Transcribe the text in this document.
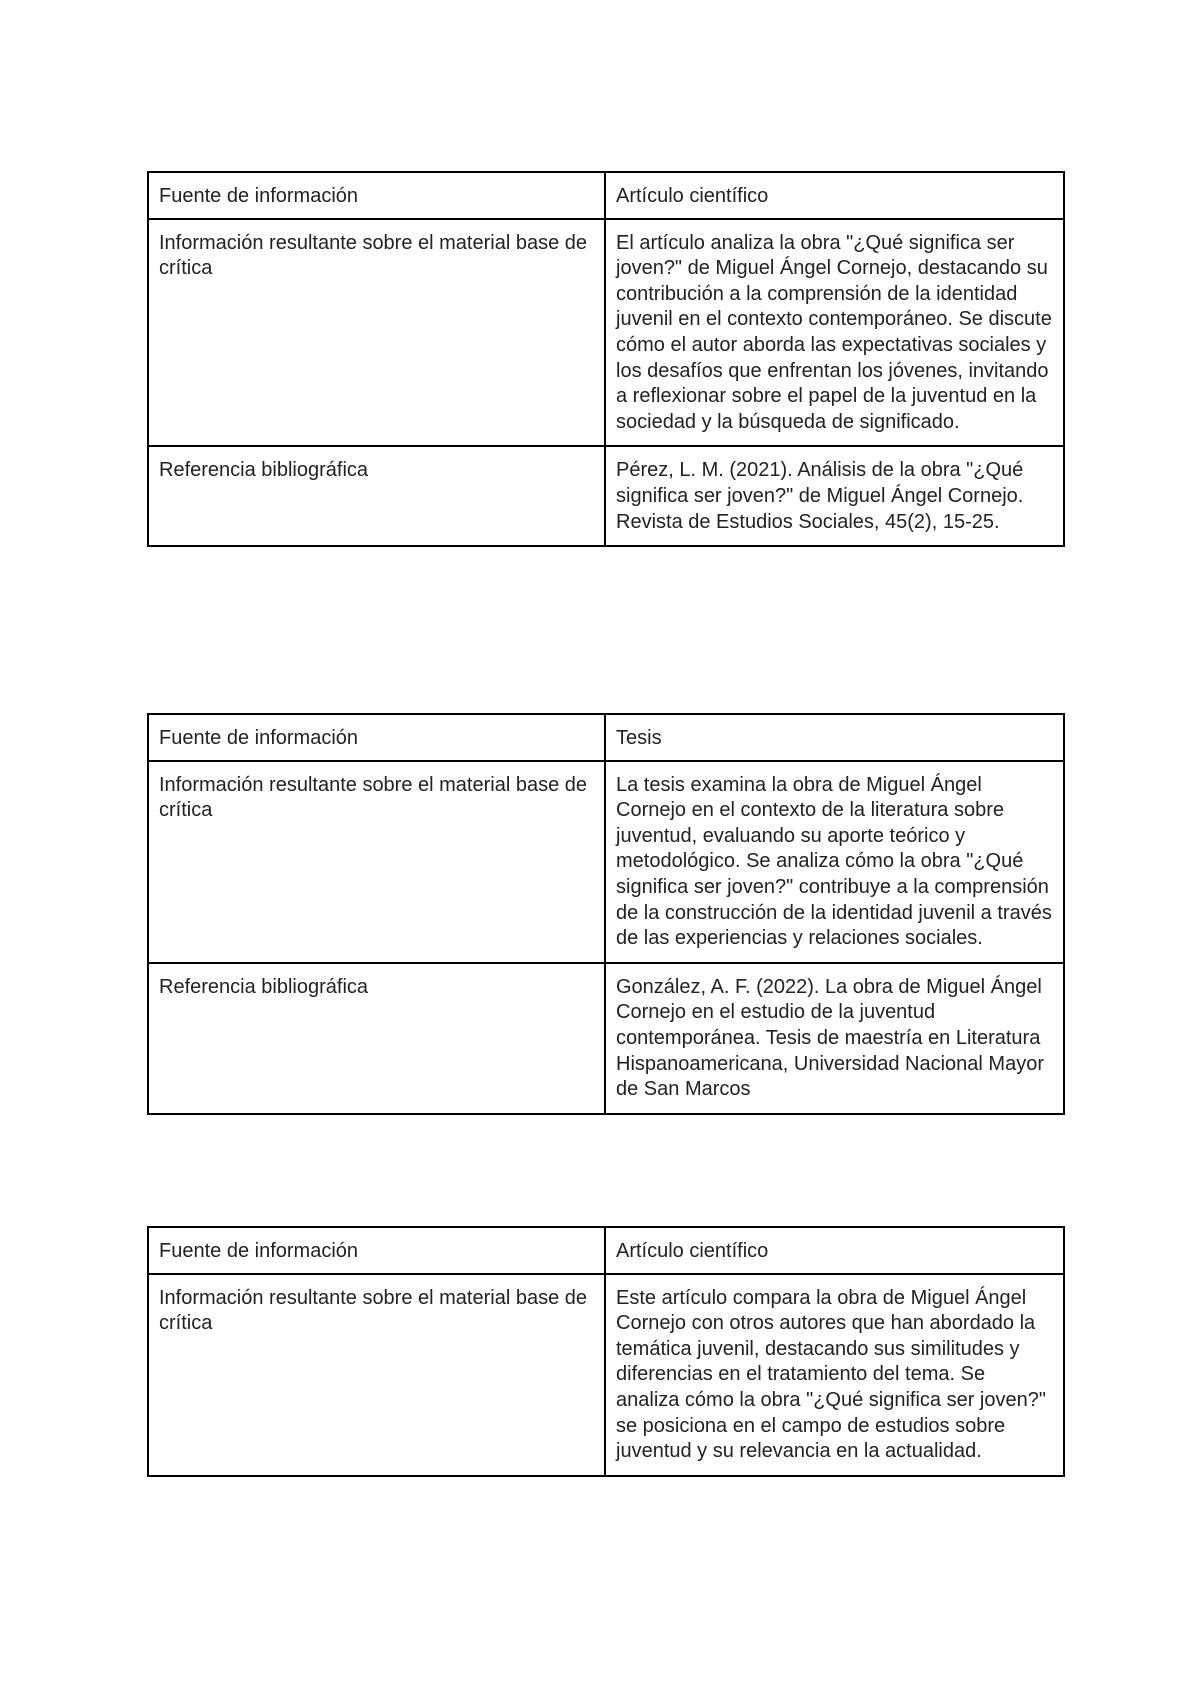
Fuente de información	Artículo científico
Información resultante sobre el material base de crítica	El artículo analiza la obra "¿Qué significa ser joven?" de Miguel Ángel Cornejo, destacando su contribución a la comprensión de la identidad juvenil en el contexto contemporáneo. Se discute cómo el autor aborda las expectativas sociales y los desafíos que enfrentan los jóvenes, invitando a reflexionar sobre el papel de la juventud en la sociedad y la búsqueda de significado.
Referencia bibliográfica	Pérez, L. M. (2021). Análisis de la obra "¿Qué significa ser joven?" de Miguel Ángel Cornejo. Revista de Estudios Sociales, 45(2), 15-25.
Fuente de información	Tesis
Información resultante sobre el material base de crítica	La tesis examina la obra de Miguel Ángel Cornejo en el contexto de la literatura sobre juventud, evaluando su aporte teórico y metodológico. Se analiza cómo la obra "¿Qué significa ser joven?" contribuye a la comprensión de la construcción de la identidad juvenil a través de las experiencias y relaciones sociales.
Referencia bibliográfica	González, A. F. (2022). La obra de Miguel Ángel Cornejo en el estudio de la juventud contemporánea. Tesis de maestría en Literatura Hispanoamericana, Universidad Nacional Mayor de San Marcos
Fuente de información	Artículo científico
Información resultante sobre el material base de crítica	Este artículo compara la obra de Miguel Ángel Cornejo con otros autores que han abordado la temática juvenil, destacando sus similitudes y diferencias en el tratamiento del tema. Se analiza cómo la obra "¿Qué significa ser joven?" se posiciona en el campo de estudios sobre juventud y su relevancia en la actualidad.
